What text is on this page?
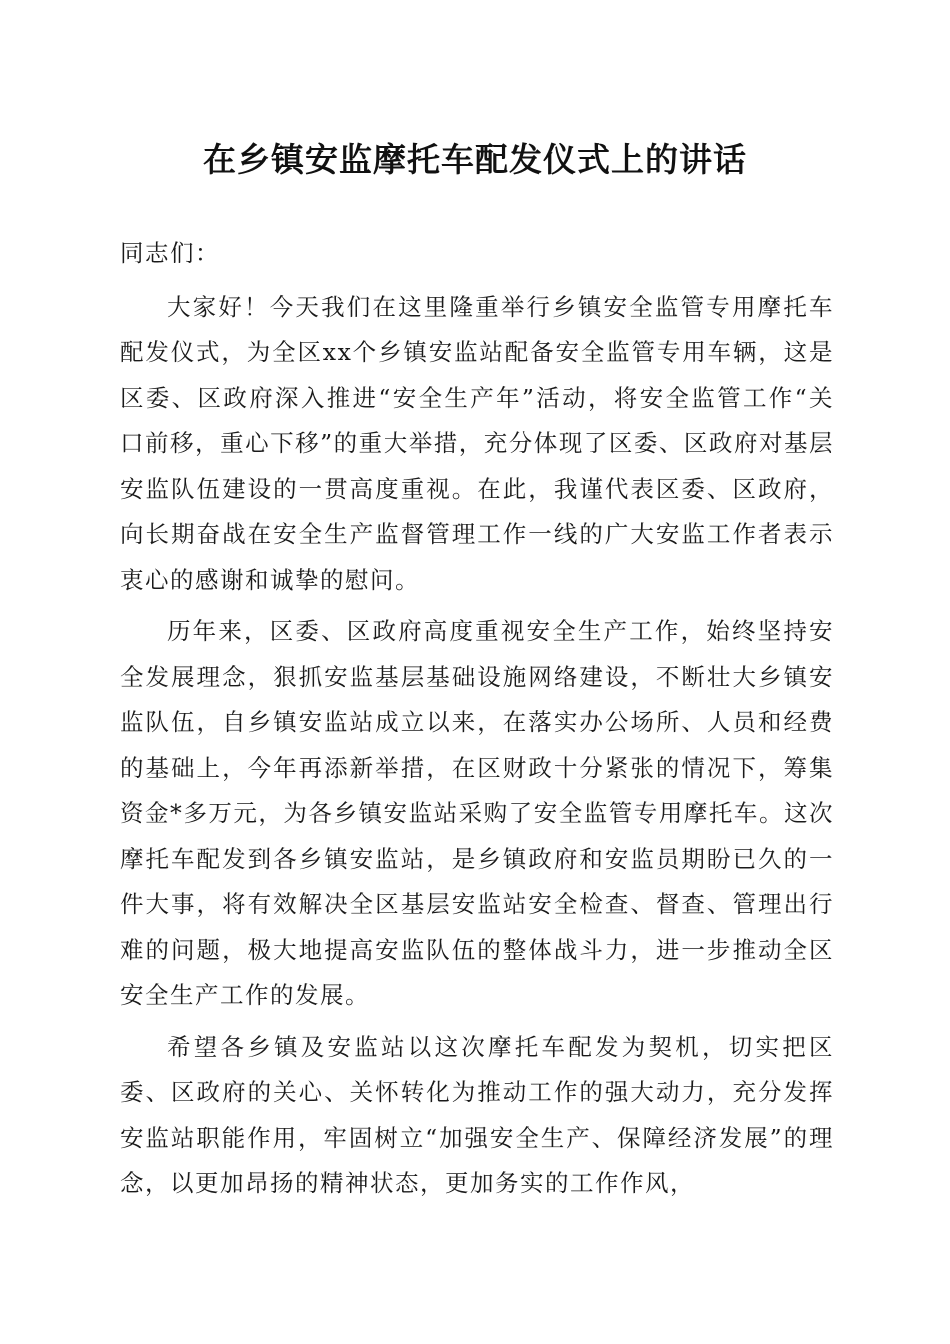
在乡镇安监摩托车配发仪式上的讲话

同志们：

大家好！今天我们在这里隆重举行乡镇安全监管专用摩托车配发仪式，为全区xx个乡镇安监站配备安全监管专用车辆，这是区委、区政府深入推进“安全生产年”活动，将安全监管工作“关口前移，重心下移”的重大举措，充分体现了区委、区政府对基层安监队伍建设的一贯高度重视。在此，我谨代表区委、区政府，向长期奋战在安全生产监督管理工作一线的广大安监工作者表示衷心的感谢和诚挚的慰问。

历年来，区委、区政府高度重视安全生产工作，始终坚持安全发展理念，狠抓安监基层基础设施网络建设，不断壮大乡镇安监队伍，自乡镇安监站成立以来，在落实办公场所、人员和经费的基础上，今年再添新举措，在区财政十分紧张的情况下，筹集资金*多万元，为各乡镇安监站采购了安全监管专用摩托车。这次摩托车配发到各乡镇安监站，是乡镇政府和安监员期盼已久的一件大事，将有效解决全区基层安监站安全检查、督查、管理出行难的问题，极大地提高安监队伍的整体战斗力，进一步推动全区安全生产工作的发展。

希望各乡镇及安监站以这次摩托车配发为契机，切实把区委、区政府的关心、关怀转化为推动工作的强大动力，充分发挥安监站职能作用，牢固树立“加强安全生产、保障经济发展”的理念，以更加昂扬的精神状态，更加务实的工作作风，
